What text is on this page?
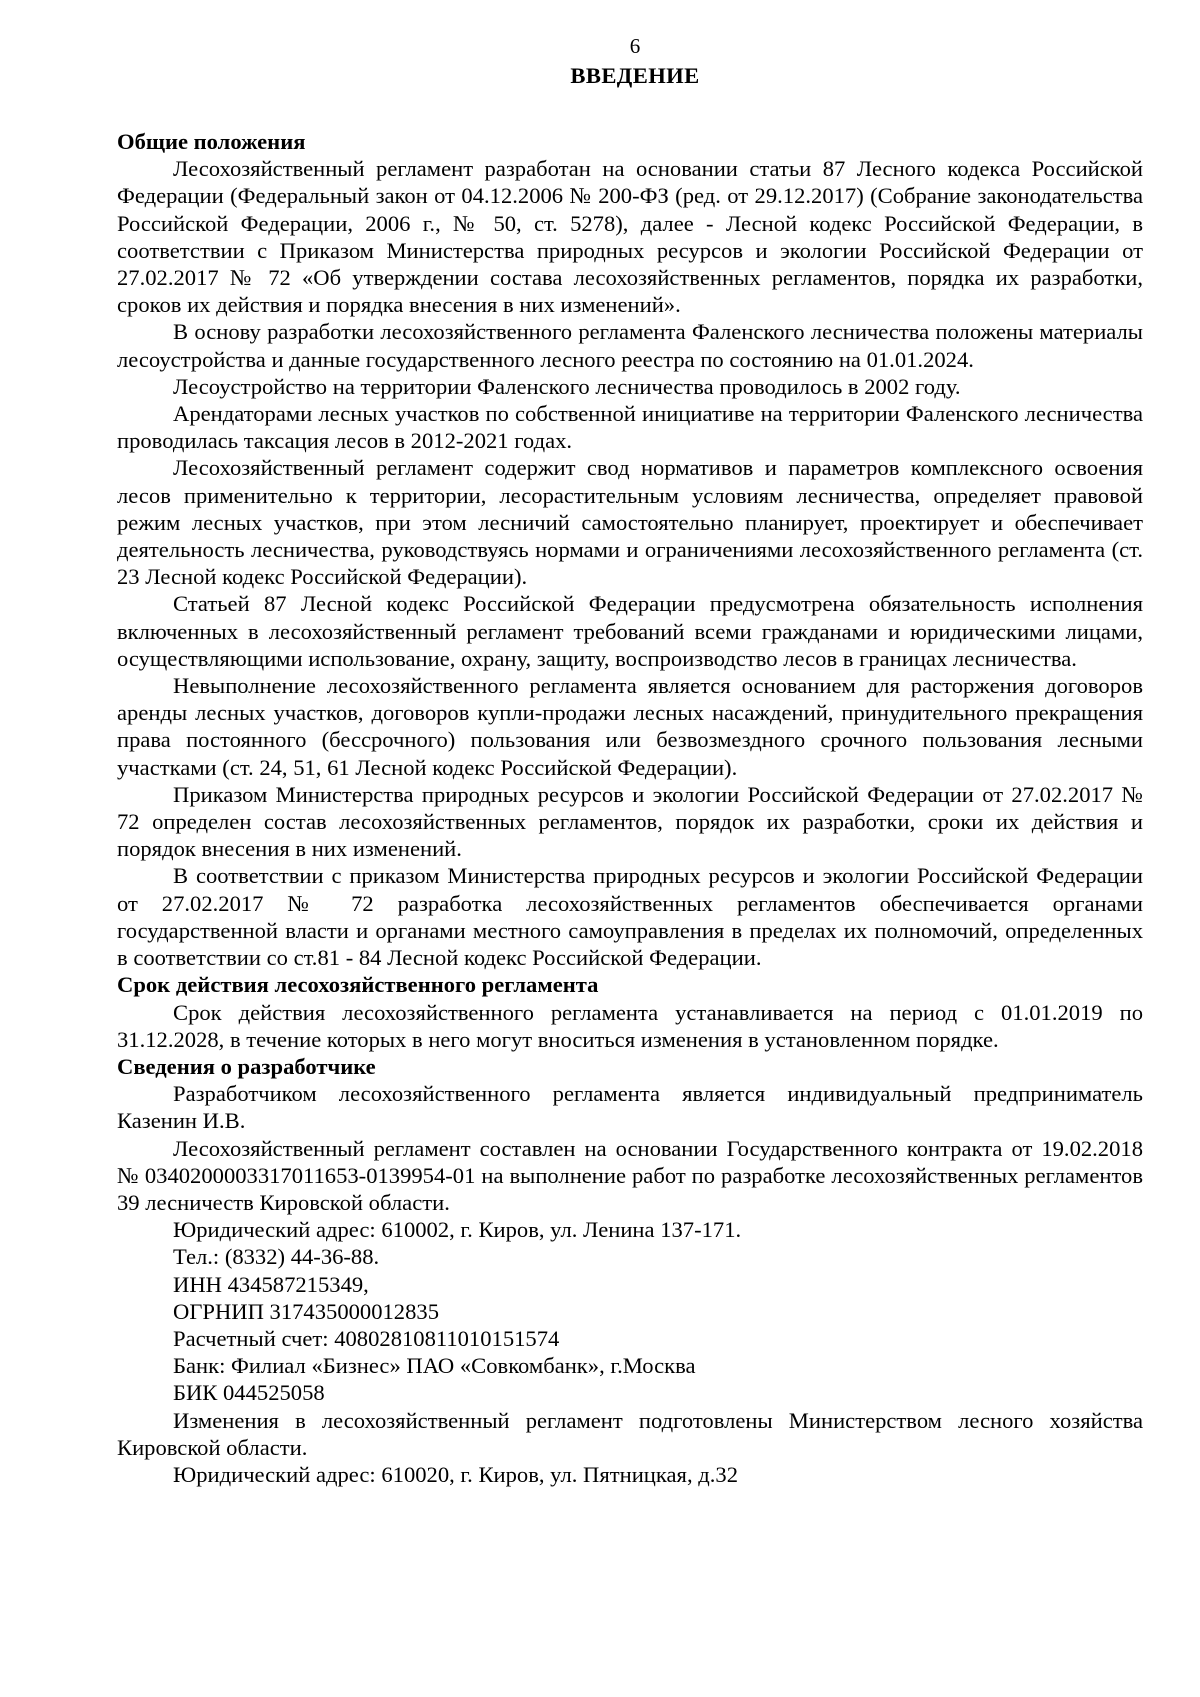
6
ВВЕДЕНИЕ
Общие положения

Лесохозяйственный регламент разработан на основании статьи 87 Лесного кодекса Российской Федерации (Федеральный закон от 04.12.2006 № 200-ФЗ (ред. от 29.12.2017) (Собрание законодательства Российской Федерации, 2006 г., № 50, ст. 5278), далее - Лесной кодекс Российской Федерации, в соответствии с Приказом Министерства природных ресурсов и экологии Российской Федерации от 27.02.2017 № 72 «Об утверждении состава лесохозяйственных регламентов, порядка их разработки, сроков их действия и порядка внесения в них изменений».

В основу разработки лесохозяйственного регламента Фаленского лесничества положены материалы лесоустройства и данные государственного лесного реестра по состоянию на 01.01.2024.

Лесоустройство на территории Фаленского лесничества проводилось в 2002 году.

Арендаторами лесных участков по собственной инициативе на территории Фаленского лесничества проводилась таксация лесов в 2012-2021 годах.

Лесохозяйственный регламент содержит свод нормативов и параметров комплексного освоения лесов применительно к территории, лесорастительным условиям лесничества, определяет правовой режим лесных участков, при этом лесничий самостоятельно планирует, проектирует и обеспечивает деятельность лесничества, руководствуясь нормами и ограничениями лесохозяйственного регламента (ст. 23 Лесной кодекс Российской Федерации).

Статьей 87 Лесной кодекс Российской Федерации предусмотрена обязательность исполнения включенных в лесохозяйственный регламент требований всеми гражданами и юридическими лицами, осуществляющими использование, охрану, защиту, воспроизводство лесов в границах лесничества.

Невыполнение лесохозяйственного регламента является основанием для расторжения договоров аренды лесных участков, договоров купли-продажи лесных насаждений, принудительного прекращения права постоянного (бессрочного) пользования или безвозмездного срочного пользования лесными участками (ст. 24, 51, 61 Лесной кодекс Российской Федерации).

Приказом Министерства природных ресурсов и экологии Российской Федерации от 27.02.2017 № 72 определен состав лесохозяйственных регламентов, порядок их разработки, сроки их действия и порядок внесения в них изменений.

В соответствии с приказом Министерства природных ресурсов и экологии Российской Федерации от 27.02.2017 № 72 разработка лесохозяйственных регламентов обеспечивается органами государственной власти и органами местного самоуправления в пределах их полномочий, определенных в соответствии со ст.81 - 84 Лесной кодекс Российской Федерации.

Срок действия лесохозяйственного регламента

Срок действия лесохозяйственного регламента устанавливается на период с 01.01.2019 по 31.12.2028, в течение которых в него могут вноситься изменения в установленном порядке.

Сведения о разработчике

Разработчиком лесохозяйственного регламента является индивидуальный предприниматель Казенин И.В.

Лесохозяйственный регламент составлен на основании Государственного контракта от 19.02.2018 № 0340200003317011653-0139954-01 на выполнение работ по разработке лесохозяйственных регламентов 39 лесничеств Кировской области.

Юридический адрес: 610002, г. Киров, ул. Ленина 137-171.

Тел.: (8332) 44-36-88.

ИНН 434587215349,

ОГРНИП 317435000012835

Расчетный счет: 40802810811010151574

Банк: Филиал «Бизнес» ПАО «Совкомбанк», г.Москва

БИК 044525058

Изменения в лесохозяйственный регламент подготовлены Министерством лесного хозяйства Кировской области.

Юридический адрес: 610020, г. Киров, ул. Пятницкая, д.32
